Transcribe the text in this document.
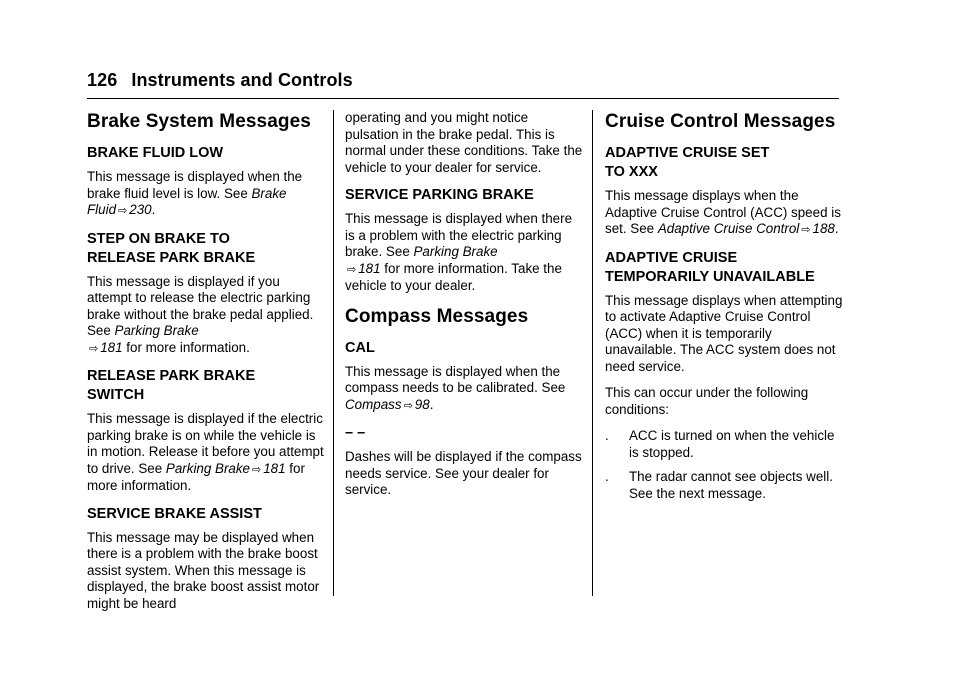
126 Instruments and Controls
Brake System Messages
BRAKE FLUID LOW

This message is displayed when the brake fluid level is low. See Brake Fluid ⇨ 230.

STEP ON BRAKE TO
RELEASE PARK BRAKE

This message is displayed if you attempt to release the electric parking brake without the brake pedal applied. See Parking Brake
⇨ 181 for more information.

RELEASE PARK BRAKE
SWITCH

This message is displayed if the electric parking brake is on while the vehicle is in motion. Release it before you attempt to drive. See Parking Brake ⇨ 181 for more information.

SERVICE BRAKE ASSIST

This message may be displayed when there is a problem with the brake boost assist system. When this message is displayed, the brake boost assist motor might be heard

operating and you might notice pulsation in the brake pedal. This is normal under these conditions. Take the vehicle to your dealer for service.

SERVICE PARKING BRAKE

This message is displayed when there is a problem with the electric parking brake. See Parking Brake
⇨ 181 for more information. Take the vehicle to your dealer.

Compass Messages
CAL

This message is displayed when the compass needs to be calibrated. See Compass ⇨ 98.

– –

Dashes will be displayed if the compass needs service. See your dealer for service.

Cruise Control Messages
ADAPTIVE CRUISE SET
TO XXX

This message displays when the Adaptive Cruise Control (ACC) speed is set. See Adaptive Cruise Control ⇨ 188.

ADAPTIVE CRUISE
TEMPORARILY UNAVAILABLE

This message displays when attempting to activate Adaptive Cruise Control (ACC) when it is temporarily unavailable. The ACC system does not need service.

This can occur under the following conditions:

.	ACC is turned on when the vehicle is stopped.
.	The radar cannot see objects well. See the next message.
